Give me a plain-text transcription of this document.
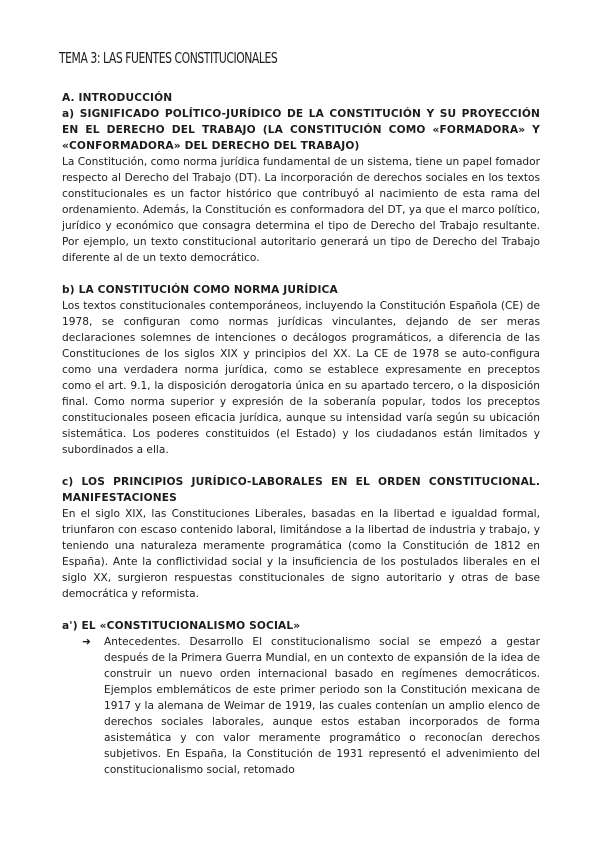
TEMA 3: LAS FUENTES CONSTITUCIONALES
A. INTRODUCCIÓN
a) SIGNIFICADO POLÍTICO-JURÍDICO DE LA CONSTITUCIÓN Y SU PROYECCIÓN EN EL DERECHO DEL TRABAJO (LA CONSTITUCIÓN COMO «FORMADORA» Y «CONFORMADORA» DEL DERECHO DEL TRABAJO)
La Constitución, como norma jurídica fundamental de un sistema, tiene un papel fomador respecto al Derecho del Trabajo (DT). La incorporación de derechos sociales en los textos constitucionales es un factor histórico que contribuyó al nacimiento de esta rama del ordenamiento. Además, la Constitución es conformadora del DT, ya que el marco político, jurídico y económico que consagra determina el tipo de Derecho del Trabajo resultante. Por ejemplo, un texto constitucional autoritario generará un tipo de Derecho del Trabajo diferente al de un texto democrático.
b) LA CONSTITUCIÓN COMO NORMA JURÍDICA
Los textos constitucionales contemporáneos, incluyendo la Constitución Española (CE) de 1978, se configuran como normas jurídicas vinculantes, dejando de ser meras declaraciones solemnes de intenciones o decálogos programáticos, a diferencia de las Constituciones de los siglos XIX y principios del XX. La CE de 1978 se auto-configura como una verdadera norma jurídica, como se establece expresamente en preceptos como el art. 9.1, la disposición derogatoria única en su apartado tercero, o la disposición final. Como norma superior y expresión de la soberanía popular, todos los preceptos constitucionales poseen eficacia jurídica, aunque su intensidad varía según su ubicación sistemática. Los poderes constituidos (el Estado) y los ciudadanos están limitados y subordinados a ella.
c) LOS PRINCIPIOS JURÍDICO-LABORALES EN EL ORDEN CONSTITUCIONAL. MANIFESTACIONES
En el siglo XIX, las Constituciones Liberales, basadas en la libertad e igualdad formal, triunfaron con escaso contenido laboral, limitándose a la libertad de industria y trabajo, y teniendo una naturaleza meramente programática (como la Constitución de 1812 en España). Ante la conflictividad social y la insuficiencia de los postulados liberales en el siglo XX, surgieron respuestas constitucionales de signo autoritario y otras de base democrática y reformista.
a') EL «CONSTITUCIONALISMO SOCIAL»
➜	Antecedentes. Desarrollo El constitucionalismo social se empezó a gestar después de la Primera Guerra Mundial, en un contexto de expansión de la idea de construir un nuevo orden internacional basado en regímenes democráticos. Ejemplos emblemáticos de este primer periodo son la Constitución mexicana de 1917 y la alemana de Weimar de 1919, las cuales contenían un amplio elenco de derechos sociales laborales, aunque estos estaban incorporados de forma asistemática y con valor meramente programático o reconocían derechos subjetivos. En España, la Constitución de 1931 representó el advenimiento del constitucionalismo social, retomado
